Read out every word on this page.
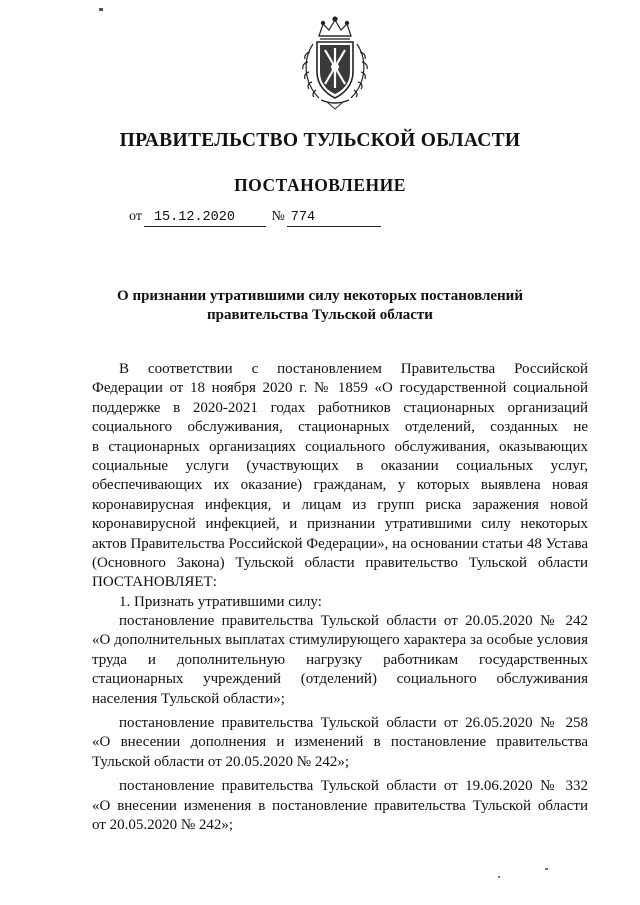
ПРАВИТЕЛЬСТВО ТУЛЬСКОЙ ОБЛАСТИ
ПОСТАНОВЛЕНИЕ
от 15.12.2020	№ 774
О признании утратившими силу некоторых постановлений
правительства Тульской области
В соответствии с постановлением Правительства Российской
Федерации от 18 ноября 2020 г. № 1859 «О государственной социальной
поддержке в 2020-2021 годах работников стационарных организаций
социального обслуживания, стационарных отделений, созданных не
в стационарных организациях социального обслуживания, оказывающих
социальные услуги (участвующих в оказании социальных услуг,
обеспечивающих их оказание) гражданам, у которых выявлена новая
коронавирусная инфекция, и лицам из групп риска заражения новой
коронавирусной инфекцией, и признании утратившими силу некоторых
актов Правительства Российской Федерации», на основании статьи 48 Устава
(Основного Закона) Тульской области правительство Тульской области
ПОСТАНОВЛЯЕТ:
1. Признать утратившими силу:
постановление правительства Тульской области от 20.05.2020 № 242
«О дополнительных выплатах стимулирующего характера за особые условия
труда и дополнительную нагрузку работникам государственных
стационарных учреждений (отделений) социального обслуживания
населения Тульской области»;
постановление правительства Тульской области от 26.05.2020 № 258
«О внесении дополнения и изменений в постановление правительства
Тульской области от 20.05.2020 № 242»;
постановление правительства Тульской области от 19.06.2020 № 332
«О внесении изменения в постановление правительства Тульской области
от 20.05.2020 № 242»;
